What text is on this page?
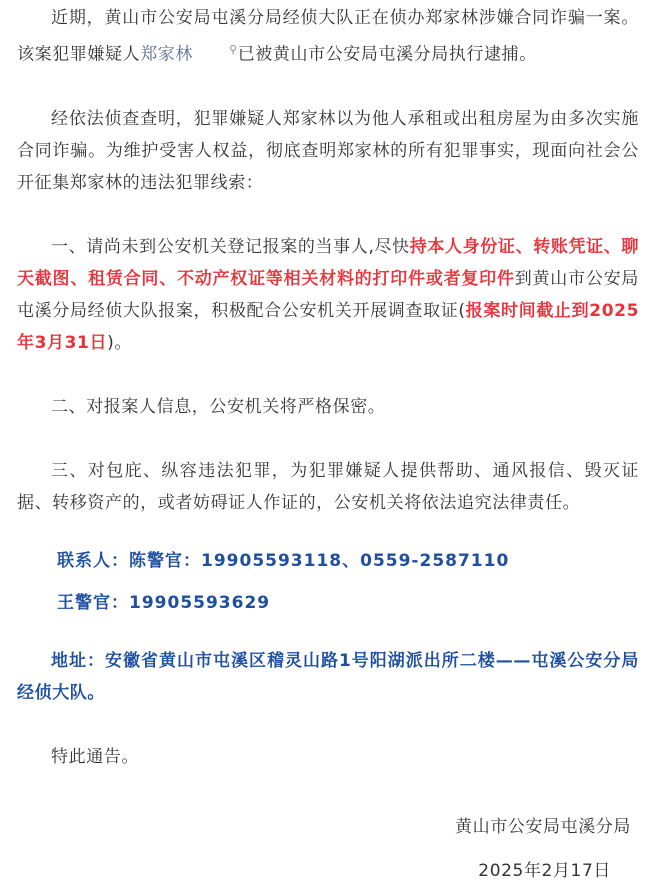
近期，黄山市公安局屯溪分局经侦大队正在侦办郑家林涉嫌合同诈骗一案。该案犯罪嫌疑人郑家林	⚲已被黄山市公安局屯溪分局执行逮捕。

经依法侦查查明，犯罪嫌疑人郑家林以为他人承租或出租房屋为由多次实施合同诈骗。为维护受害人权益，彻底查明郑家林的所有犯罪事实，现面向社会公开征集郑家林的违法犯罪线索：

一、请尚未到公安机关登记报案的当事人,尽快持本人身份证、转账凭证、聊天截图、租赁合同、不动产权证等相关材料的打印件或者复印件到黄山市公安局屯溪分局经侦大队报案，积极配合公安机关开展调查取证(报案时间截止到2025年3月31日)。

二、对报案人信息，公安机关将严格保密。

三、对包庇、纵容违法犯罪，为犯罪嫌疑人提供帮助、通风报信、毁灭证据、转移资产的，或者妨碍证人作证的，公安机关将依法追究法律责任。

联系人：陈警官：19905593118、0559-2587110

王警官：19905593629

地址：安徽省黄山市屯溪区稽灵山路1号阳湖派出所二楼——屯溪公安分局经侦大队。

特此通告。

黄山市公安局屯溪分局

2025年2月17日
